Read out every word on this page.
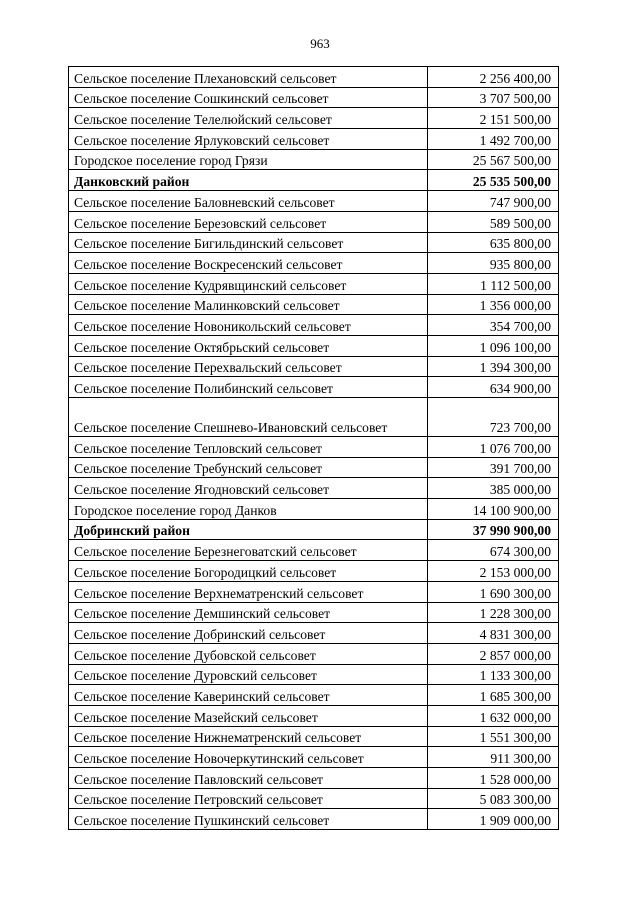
963
Сельское поселение Плехановский сельсовет	2 256 400,00
Сельское поселение Сошкинский сельсовет	3 707 500,00
Сельское поселение Телелюйский сельсовет	2 151 500,00
Сельское поселение Ярлуковский сельсовет	1 492 700,00
Городское поселение город Грязи	25 567 500,00
Данковский район	25 535 500,00
Сельское поселение Баловневский сельсовет	747 900,00
Сельское поселение Березовский сельсовет	589 500,00
Сельское поселение Бигильдинский сельсовет	635 800,00
Сельское поселение Воскресенский сельсовет	935 800,00
Сельское поселение Кудрявщинский сельсовет	1 112 500,00
Сельское поселение Малинковский сельсовет	1 356 000,00
Сельское поселение Новоникольский сельсовет	354 700,00
Сельское поселение Октябрьский сельсовет	1 096 100,00
Сельское поселение Перехвальский сельсовет	1 394 300,00
Сельское поселение Полибинский сельсовет	634 900,00
Сельское поселение Спешнево-Ивановский сельсовет	723 700,00
Сельское поселение Тепловский сельсовет	1 076 700,00
Сельское поселение Требунский сельсовет	391 700,00
Сельское поселение Ягодновский сельсовет	385 000,00
Городское поселение город Данков	14 100 900,00
Добринский район	37 990 900,00
Сельское поселение Березнеговатский сельсовет	674 300,00
Сельское поселение Богородицкий сельсовет	2 153 000,00
Сельское поселение Верхнематренский сельсовет	1 690 300,00
Сельское поселение Демшинский сельсовет	1 228 300,00
Сельское поселение Добринский сельсовет	4 831 300,00
Сельское поселение Дубовской сельсовет	2 857 000,00
Сельское поселение Дуровский сельсовет	1 133 300,00
Сельское поселение Каверинский сельсовет	1 685 300,00
Сельское поселение Мазейский сельсовет	1 632 000,00
Сельское поселение Нижнематренский сельсовет	1 551 300,00
Сельское поселение Новочеркутинский сельсовет	911 300,00
Сельское поселение Павловский сельсовет	1 528 000,00
Сельское поселение Петровский сельсовет	5 083 300,00
Сельское поселение Пушкинский сельсовет	1 909 000,00
